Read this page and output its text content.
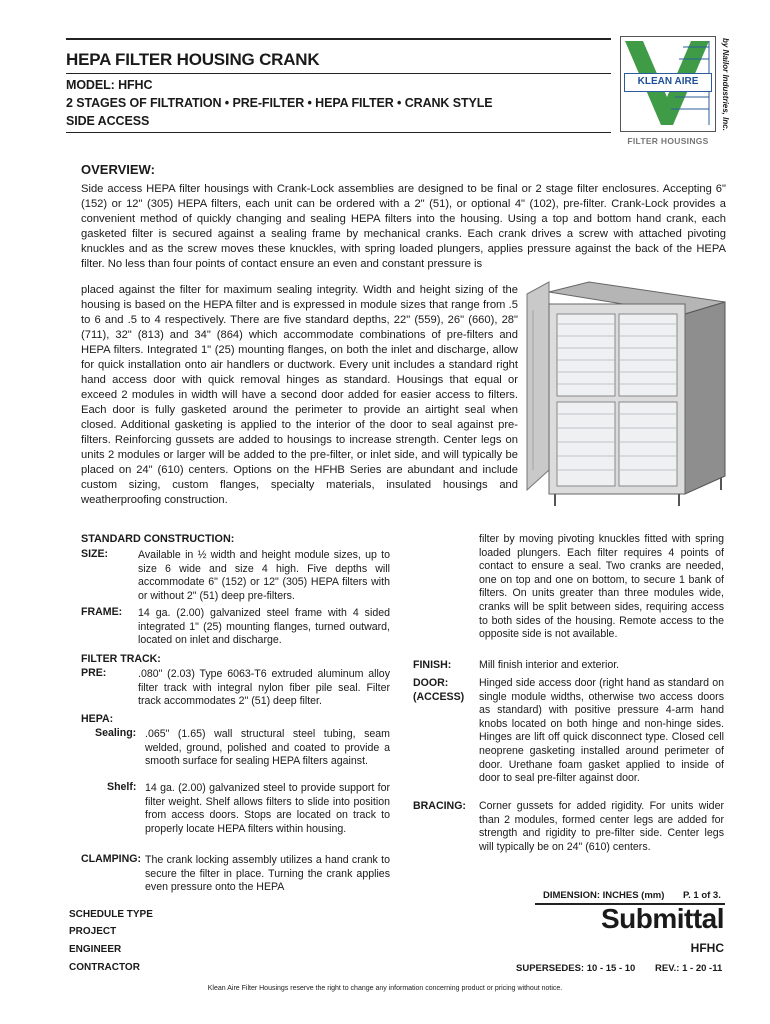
HEPA FILTER HOUSING CRANK
MODEL: HFHC
2 STAGES OF FILTRATION • PRE-FILTER • HEPA FILTER • CRANK STYLE
SIDE ACCESS
KLEAN AIRE
FILTER HOUSINGS
by Nailor Industries, Inc.
OVERVIEW:
Side access HEPA filter housings with Crank-Lock assemblies are designed to be final or 2 stage filter enclosures. Accepting 6" (152) or 12" (305) HEPA filters, each unit can be ordered with a 2" (51), or optional 4" (102), pre-filter. Crank-Lock provides a convenient method of quickly changing and sealing HEPA filters into the housing. Using a top and bottom hand crank, each gasketed filter is secured against a sealing frame by mechanical cranks. Each crank drives a screw with attached pivoting knuckles and as the screw moves these knuckles, with spring loaded plungers, applies pressure against the back of the HEPA filter. No less than four points of contact ensure an even and constant pressure is
placed against the filter for maximum sealing integrity. Width and height sizing of the housing is based on the HEPA filter and is expressed in module sizes that range from .5 to 6 and .5 to 4 respectively. There are five standard depths, 22" (559), 26" (660), 28" (711), 32" (813) and 34" (864) which accommodate combinations of pre-filters and HEPA filters. Integrated 1" (25) mounting flanges, on both the inlet and discharge, allow for quick installation onto air handlers or ductwork. Every unit includes a standard right hand access door with quick removal hinges as standard. Housings that equal or exceed 2 modules in width will have a second door added for easier access to filters. Each door is fully gasketed around the perimeter to provide an airtight seal when closed. Additional gasketing is applied to the interior of the door to seal against pre-filters. Reinforcing gussets are added to housings to increase strength. Center legs on units 2 modules or larger will be added to the pre-filter, or inlet side, and will typically be placed on 24" (610) centers. Options on the HFHB Series are abundant and include custom sizing, custom flanges, specialty materials, insulated housings and weatherproofing construction.
STANDARD CONSTRUCTION:
SIZE:	Available in ½ width and height module sizes, up to size 6 wide and size 4 high. Five depths will accommodate 6" (152) or 12" (305) HEPA filters with or without 2" (51) deep pre-filters.
FRAME: 14 ga. (2.00) galvanized steel frame with 4 sided integrated 1" (25) mounting flanges, turned outward, located on inlet and discharge.
FILTER TRACK:
PRE:	.080" (2.03) Type 6063-T6 extruded aluminum alloy filter track with integral nylon fiber pile seal. Filter track accommodates 2" (51) deep filter.
HEPA:
Sealing: .065" (1.65) wall structural steel tubing, seam welded, ground, polished and coated to provide a smooth surface for sealing HEPA filters against.
Shelf: 14 ga. (2.00) galvanized steel to provide support for filter weight. Shelf allows filters to slide into position from access doors. Stops are located on track to properly locate HEPA filters within housing.
CLAMPING: The crank locking assembly utilizes a hand crank to secure the filter in place. Turning the crank applies even pressure onto the HEPA
filter by moving pivoting knuckles fitted with spring loaded plungers. Each filter requires 4 points of contact to ensure a seal. Two cranks are needed, one on top and one on bottom, to secure 1 bank of filters. On units greater than three modules wide, cranks will be split between sides, requiring access to both sides of the housing. Remote access to the opposite side is not available.
FINISH:	Mill finish interior and exterior.
DOOR:
(ACCESS)
Hinged side access door (right hand as standard on single module widths, otherwise two access doors as standard) with positive pressure 4-arm hand knobs located on both hinge and non-hinge sides. Hinges are lift off quick disconnect type. Closed cell neoprene gasketing installed around perimeter of door. Urethane foam gasket applied to inside of door to seal pre-filter against door.
BRACING: Corner gussets for added rigidity. For units wider than 2 modules, formed center legs are added for strength and rigidity to pre-filter side. Center legs will typically be on 24" (610) centers.
SCHEDULE TYPE
PROJECT
ENGINEER
CONTRACTOR
DIMENSION: INCHES (mm) P. 1 of 3.
Submittal
HFHC
SUPERSEDES: 10 - 15 - 10 REV.: 1 - 20 -11
Klean Aire Filter Housings reserve the right to change any information concerning product or pricing without notice.
